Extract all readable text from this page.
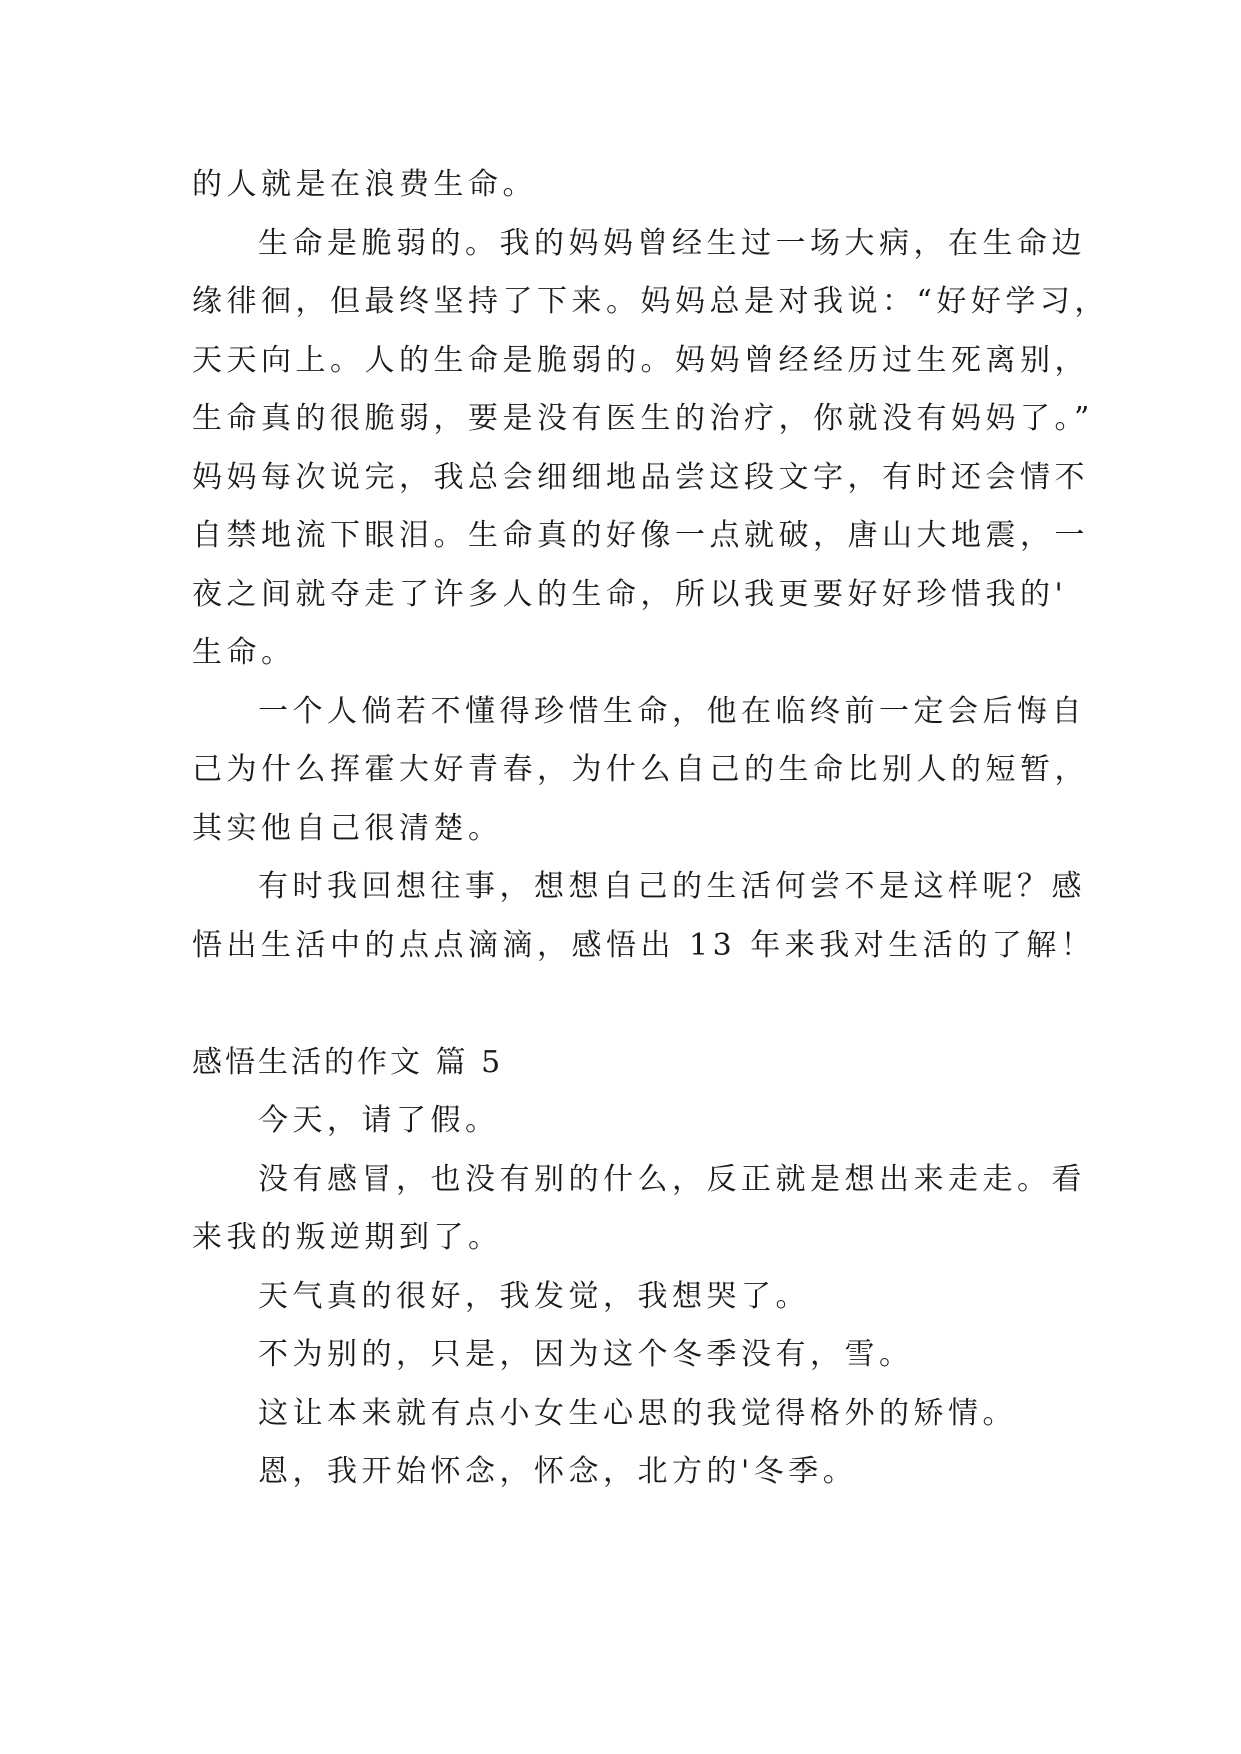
的人就是在浪费生命。
生命是脆弱的。我的妈妈曾经生过一场大病，在生命边
缘徘徊，但最终坚持了下来。妈妈总是对我说：“好好学习，
天天向上。人的生命是脆弱的。妈妈曾经经历过生死离别，
生命真的很脆弱，要是没有医生的治疗，你就没有妈妈了。”
妈妈每次说完，我总会细细地品尝这段文字，有时还会情不
自禁地流下眼泪。生命真的好像一点就破，唐山大地震，一
夜之间就夺走了许多人的生命，所以我更要好好珍惜我的'
生命。
一个人倘若不懂得珍惜生命，他在临终前一定会后悔自
己为什么挥霍大好青春，为什么自己的生命比别人的短暂，
其实他自己很清楚。
有时我回想往事，想想自己的生活何尝不是这样呢？感
悟出生活中的点点滴滴，感悟出 13 年来我对生活的了解！
感悟生活的作文 篇 5
今天，请了假。
没有感冒，也没有别的什么，反正就是想出来走走。看
来我的叛逆期到了。
天气真的很好，我发觉，我想哭了。
不为别的，只是，因为这个冬季没有，雪。
这让本来就有点小女生心思的我觉得格外的矫情。
恩，我开始怀念，怀念，北方的'冬季。
